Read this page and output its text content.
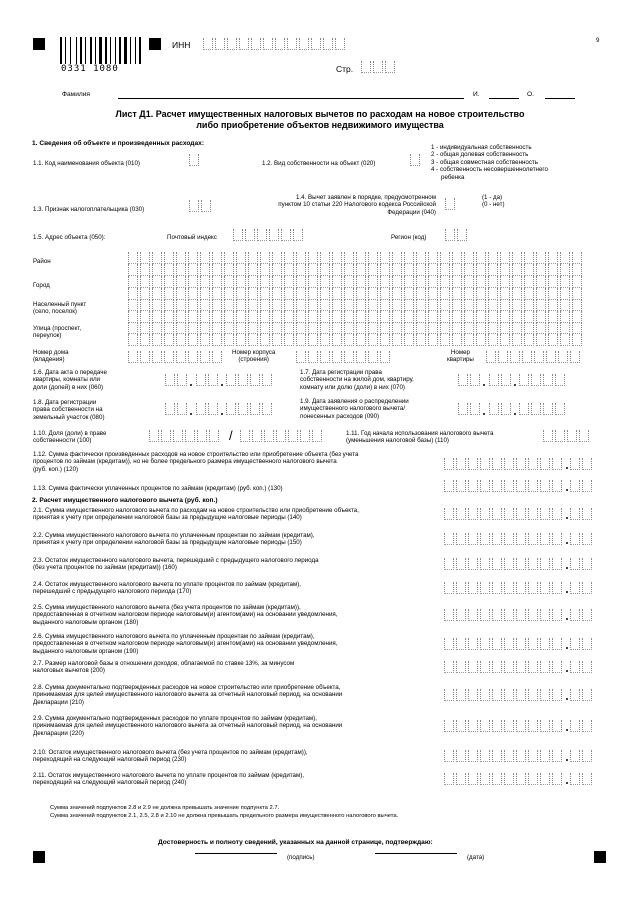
0331 1080
9
ИНН
Стр.
Фамилия	И.	О.
Лист Д1. Расчет имущественных налоговых вычетов по расходам на новое строительство
либо приобретение объектов недвижимого имущества
1. Сведения об объекте и произведенных расходах:
1.1. Код наименования объекта (010)	1.2. Вид собственности на объект (020)
1 - индивидуальная собственность
2 - общая долевая собственность
3 - общая совместная собственность
4 - собственность несовершеннолетнего
ребенка
1.3. Признак налогоплательщика (030)
1.4. Вычет заявлен в порядке, предусмотренном
пунктом 10 статьи 220 Налогового кодекса Российской
Федерации (040)
(1 - да)
(0 - нет)
1.5. Адрес объекта (050):	Почтовый индекс	Регион (код)
Район
Город
Населенный пункт
(село, поселок)
Улица (проспект,
переулок)
Номер дома
(владения)
Номер корпуса
(строения)
Номер
квартиры
1.6. Дата акта о передаче
квартиры, комнаты или
доли (долей) в них (060)
1.7. Дата регистрации права
собственности на жилой дом, квартиру,
комнату или долю (доли) в них (070)
1.8. Дата регистрации
права собственности на
земельный участок (080)
1.9. Дата заявления о распределении
имущественного налогового вычета/
понесенных расходов (090)
1.10. Доля (доли) в праве
собственности (100)	/	1.11. Год начала использования налогового вычета
(уменьшения налоговой базы) (110)
1.12. Сумма фактически произведенных расходов на новое строительство или приобретение объекта (без учета
процентов по займам (кредитам)), но не более предельного размера имущественного налогового вычета
(руб. коп.) (120)
1.13. Сумма фактически уплаченных процентов по займам (кредитам) (руб. коп.) (130)
2. Расчет имущественного налогового вычета (руб. коп.)
2.1. Сумма имущественного налогового вычета по расходам на новое строительство или приобретение объекта,
принятая к учету при определении налоговой базы за предыдущие налоговые периоды (140)
2.2. Сумма имущественного налогового вычета по уплаченным процентам по займам (кредитам),
принятая к учету при определении налоговой базы за предыдущие налоговые периоды (150)
2.3. Остаток имущественного налогового вычета, перешедший с предыдущего налогового периода
(без учета процентов по займам (кредитам)) (160)
2.4. Остаток имущественного налогового вычета по уплате процентов по займам (кредитам),
перешедший с предыдущего налогового периода (170)
2.5. Сумма имущественного налогового вычета (без учета процентов по займам (кредитам)),
предоставленная в отчетном налоговом периоде налоговым(и) агентом(ами) на основании уведомления,
выданного налоговым органом (180)
2.6. Сумма имущественного налогового вычета по уплаченным процентам по займам (кредитам),
предоставленная в отчетном налоговом периоде налоговым(и) агентом(ами) на основании уведомления,
выданного налоговым органом (190)
2.7. Размер налоговой базы в отношении доходов, облагаемой по ставке 13%, за минусом
налоговых вычетов (200)
2.8. Сумма документально подтвержденных расходов на новое строительство или приобретение объекта,
принимаемая для целей имущественного налогового вычета за отчетный налоговый период, на основании
Декларации (210)
2.9. Сумма документально подтвержденных расходов по уплате процентов по займам (кредитам),
принимаемая для целей имущественного налогового вычета за отчетный налоговый период, на основании
Декларации (220)
2.10. Остаток имущественного налогового вычета (без учета процентов по займам (кредитам)),
переходящий на следующий налоговый период (230)
2.11. Остаток имущественного налогового вычета по уплате процентов по займам (кредитам),
переходящий на следующий налоговый период (240)
Сумма значений подпунктов 2.8 и 2.9 не должна превышать значение подпункта 2.7.
Сумма значений подпунктов 2.1, 2.5, 2.8 и 2.10 не должна превышать предельного размера имущественного налогового вычета.
Достоверность и полноту сведений, указанных на данной странице, подтверждаю:
(подпись)	(дата)
